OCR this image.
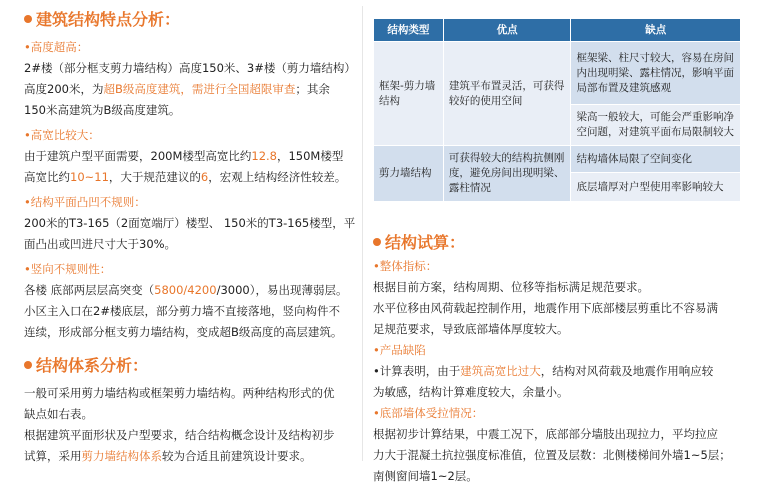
建筑结构特点分析：
•高度超高：
2#楼（部分框支剪力墙结构）高度150米、3#楼（剪力墙结构）
高度200米，为超B级高度建筑，需进行全国超限审查；其余
150米高建筑为B级高度建筑。
•高宽比较大：
由于建筑户型平面需要，200M楼型高宽比约12.8，150M楼型
高宽比约10~11，大于规范建议的6，宏观上结构经济性较差。
•结构平面凸凹不规则：
200米的T3-165（2面宽端厅）楼型、 150米的T3-165楼型，平
面凸出或凹进尺寸大于30%。
•竖向不规则性：
各楼 底部两层层高突变（5800/4200/3000），易出现薄弱层。
小区主入口在2#楼底层，部分剪力墙不直接落地，竖向构件不
连续，形成部分框支剪力墙结构，变成超B级高度的高层建筑。
结构体系分析：
一般可采用剪力墙结构或框架剪力墙结构。两种结构形式的优
缺点如右表。
根据建筑平面形状及户型要求，结合结构概念设计及结构初步
试算，采用剪力墙结构体系较为合适且前建筑设计要求。
结构类型	优点	缺点
框架-剪力墙结构	建筑平布置灵活，可获得较好的使用空间	框架梁、柱尺寸较大，容易在房间内出现明梁、露柱情况，影响平面局部布置及建筑感观
		梁高一般较大，可能会严重影响净空问题，对建筑平面布局限制较大
剪力墙结构	可获得较大的结构抗侧刚度，避免房间出现明梁、露柱情况	结构墙体局限了空间变化
		底层墙厚对户型使用率影响较大
结构试算：
•整体指标：
根据目前方案，结构周期、位移等指标满足规范要求。
水平位移由风荷载起控制作用，地震作用下底部楼层剪重比不容易满
足规范要求，导致底部墙体厚度较大。
•产品缺陷
•计算表明，由于建筑高宽比过大，结构对风荷载及地震作用响应较
为敏感，结构计算难度较大，余量小。
•底部墙体受拉情况：
根据初步计算结果，中震工况下，底部部分墙肢出现拉力，平均拉应
力大于混凝土抗拉强度标准值，位置及层数：北侧楼梯间外墙1~5层；
南侧窗间墙1~2层。
